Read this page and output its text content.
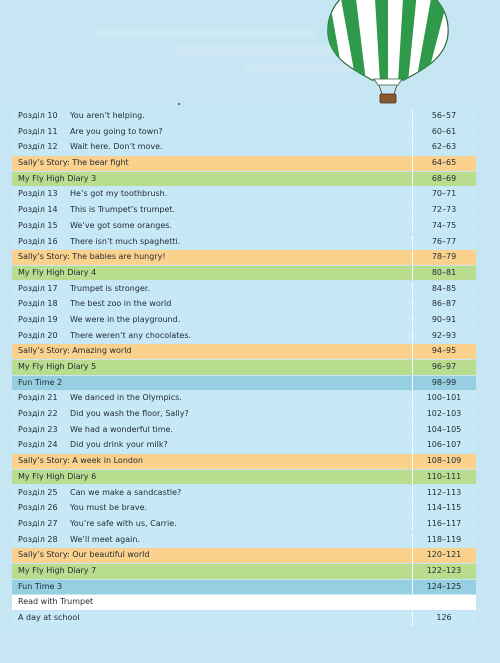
Розділ 10 You aren’t helping.	56–57
Розділ 11 Are you going to town?	60–61
Розділ 12 Wait here. Don’t move.	62–63
Sally’s Story: The bear fight	64–65
My Fly High Diary 3	68–69
Розділ 13 He’s got my toothbrush.	70–71
Розділ 14 This is Trumpet’s trumpet.	72–73
Розділ 15 We’ve got some oranges.	74–75
Розділ 16 There isn’t much spaghetti.	76–77
Sally’s Story: The babies are hungry!	78–79
My Fly High Diary 4	80–81
Розділ 17 Trumpet is stronger.	84–85
Розділ 18 The best zoo in the world	86–87
Розділ 19 We were in the playground.	90–91
Розділ 20 There weren’t any chocolates.	92–93
Sally’s Story: Amazing world	94–95
My Fly High Diary 5	96–97
Fun Time 2	98–99
Розділ 21 We danced in the Olympics.	100–101
Розділ 22 Did you wash the floor, Sally?	102–103
Розділ 23 We had a wonderful time.	104–105
Розділ 24 Did you drink your milk?	106–107
Sally’s Story: A week in London	108–109
My Fly High Diary 6	110–111
Розділ 25 Can we make a sandcastle?	112–113
Розділ 26 You must be brave.	114–115
Розділ 27 You’re safe with us, Carrie.	116–117
Розділ 28 We’ll meet again.	118–119
Sally’s Story: Our beautiful world	120–121
My Fly High Diary 7	122–123
Fun Time 3	124–125
Read with Trumpet
A day at school	126
